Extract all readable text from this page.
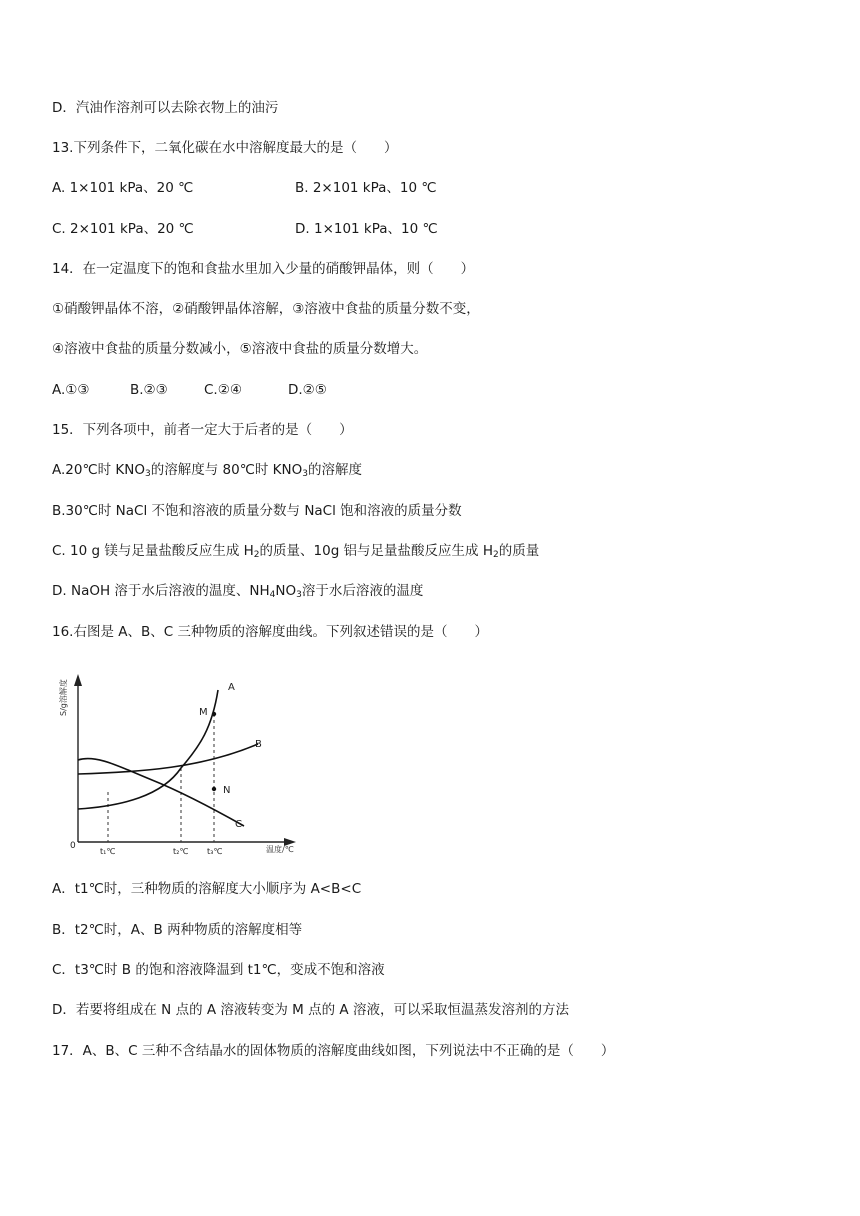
D．汽油作溶剂可以去除衣物上的油污
13.下列条件下，二氧化碳在水中溶解度最大的是（　　）
A. 1×101 kPa、20 ℃	B. 2×101 kPa、10 ℃
C. 2×101 kPa、20 ℃	D. 1×101 kPa、10 ℃
14．在一定温度下的饱和食盐水里加入少量的硝酸钾晶体，则（　　）
①硝酸钾晶体不溶，②硝酸钾晶体溶解，③溶液中食盐的质量分数不变，
④溶液中食盐的质量分数减小，⑤溶液中食盐的质量分数增大。
A.①③	B.②③	C.②④	D.②⑤
15．下列各项中，前者一定大于后者的是（　　）
A.20℃时 $KNO_3$的溶解度与 80℃时 $KNO_3$的溶解度
B.30℃时 NaCl 不饱和溶液的质量分数与 NaCl 饱和溶液的质量分数
C. 10 g 镁与足量盐酸反应生成 $H_2$的质量、10g 铝与足量盐酸反应生成 $H_2$的质量
D. NaOH 溶于水后溶液的温度、$NH_4NO_3$溶于水后溶液的温度
16.右图是 A、B、C 三种物质的溶解度曲线。下列叙述错误的是（　　）
S/g溶解度
温度/℃
0
t₁℃	t₂℃ t₃℃
A
B
C
M
N
A．t1℃时，三种物质的溶解度大小顺序为 A<B<C
B．t2℃时，A、B 两种物质的溶解度相等
C．t3℃时 B 的饱和溶液降温到 t1℃，变成不饱和溶液
D．若要将组成在 N 点的 A 溶液转变为 M 点的 A 溶液，可以采取恒温蒸发溶剂的方法
17．A、B、C 三种不含结晶水的固体物质的溶解度曲线如图，下列说法中不正确的是（　　）
